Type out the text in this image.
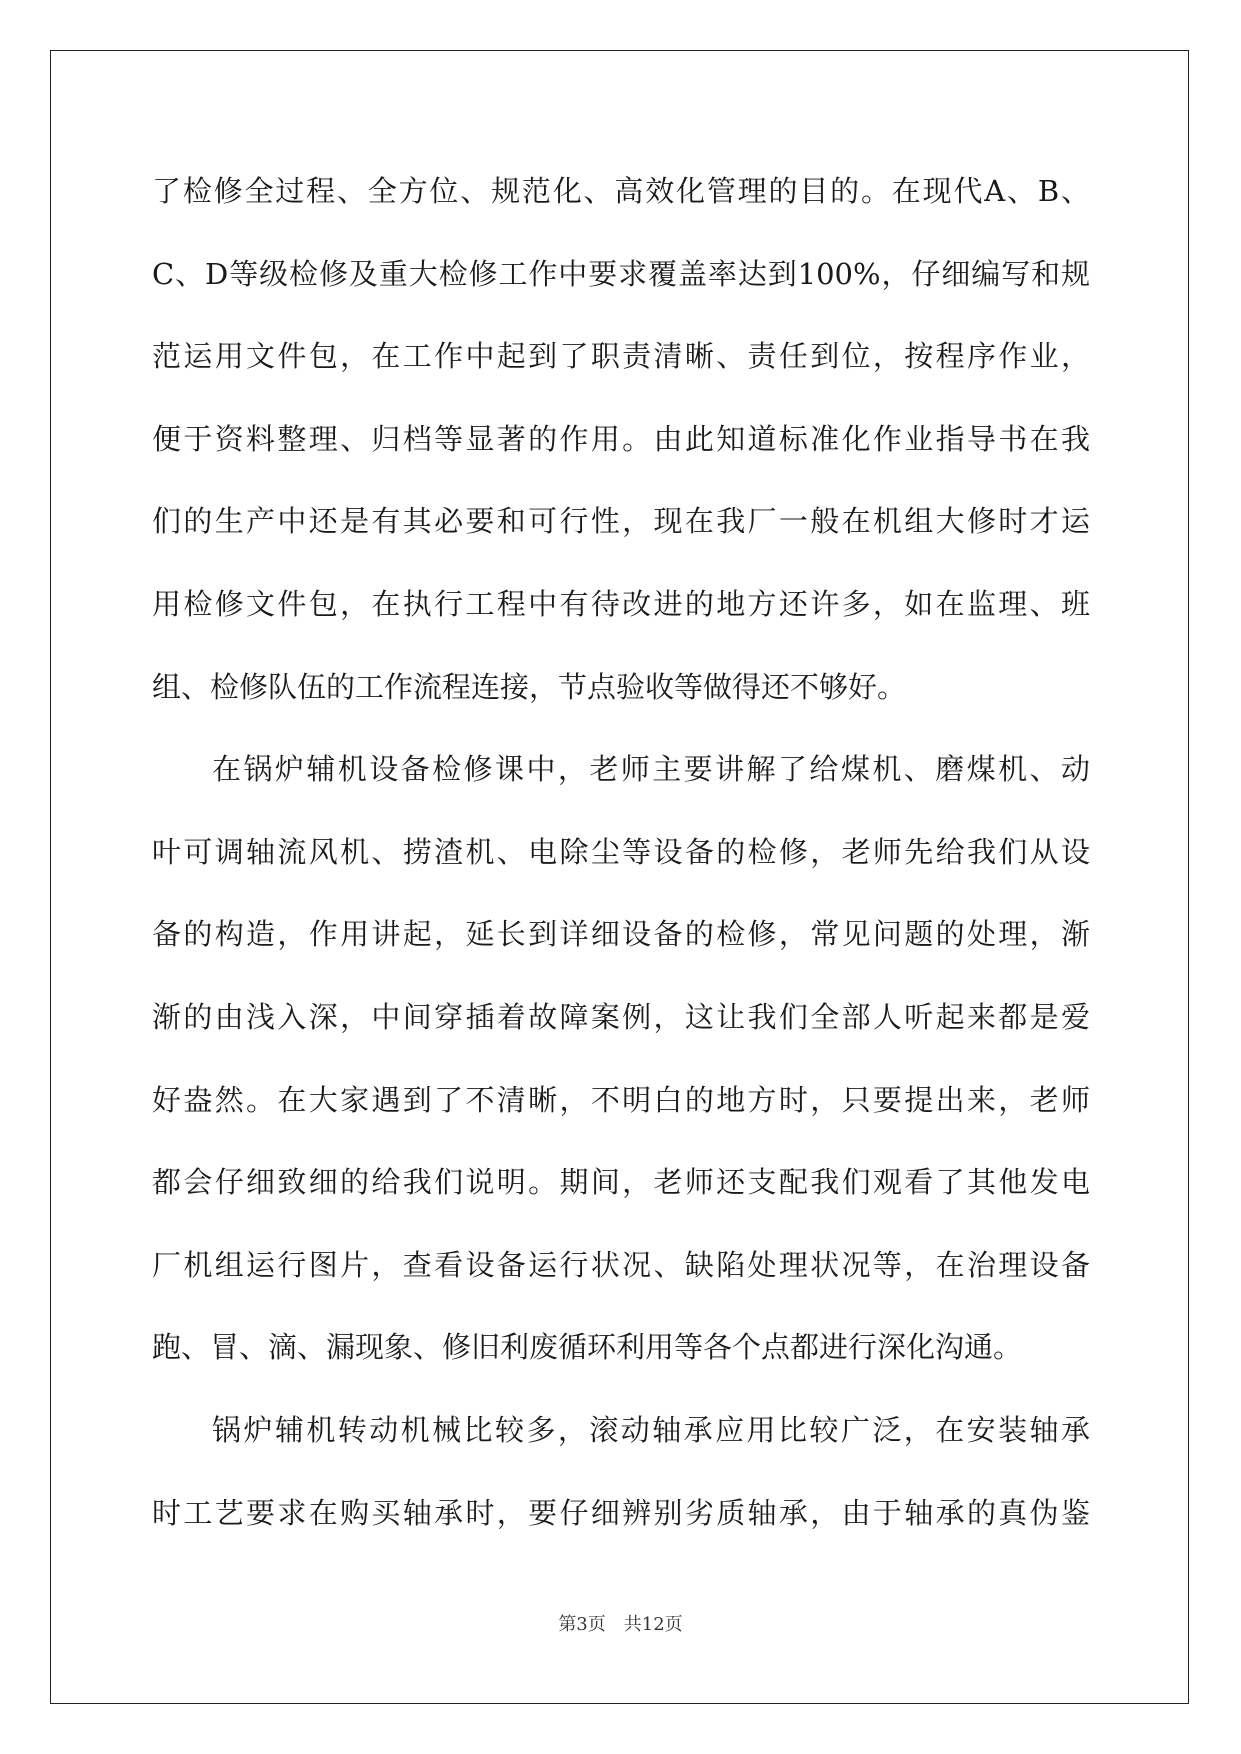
了检修全过程、全方位、规范化、高效化管理的目的。在现代A、B、
C、D等级检修及重大检修工作中要求覆盖率达到100%，仔细编写和规
范运用文件包，在工作中起到了职责清晰、责任到位，按程序作业，
便于资料整理、归档等显著的作用。由此知道标准化作业指导书在我
们的生产中还是有其必要和可行性，现在我厂一般在机组大修时才运
用检修文件包，在执行工程中有待改进的地方还许多，如在监理、班
组、检修队伍的工作流程连接，节点验收等做得还不够好。
在锅炉辅机设备检修课中，老师主要讲解了给煤机、磨煤机、动
叶可调轴流风机、捞渣机、电除尘等设备的检修，老师先给我们从设
备的构造，作用讲起，延长到详细设备的检修，常见问题的处理，渐
渐的由浅入深，中间穿插着故障案例，这让我们全部人听起来都是爱
好盎然。在大家遇到了不清晰，不明白的地方时，只要提出来，老师
都会仔细致细的给我们说明。期间，老师还支配我们观看了其他发电
厂机组运行图片，查看设备运行状况、缺陷处理状况等，在治理设备
跑、冒、滴、漏现象、修旧利废循环利用等各个点都进行深化沟通。
锅炉辅机转动机械比较多，滚动轴承应用比较广泛，在安装轴承
时工艺要求在购买轴承时，要仔细辨别劣质轴承，由于轴承的真伪鉴
第3页　共12页
